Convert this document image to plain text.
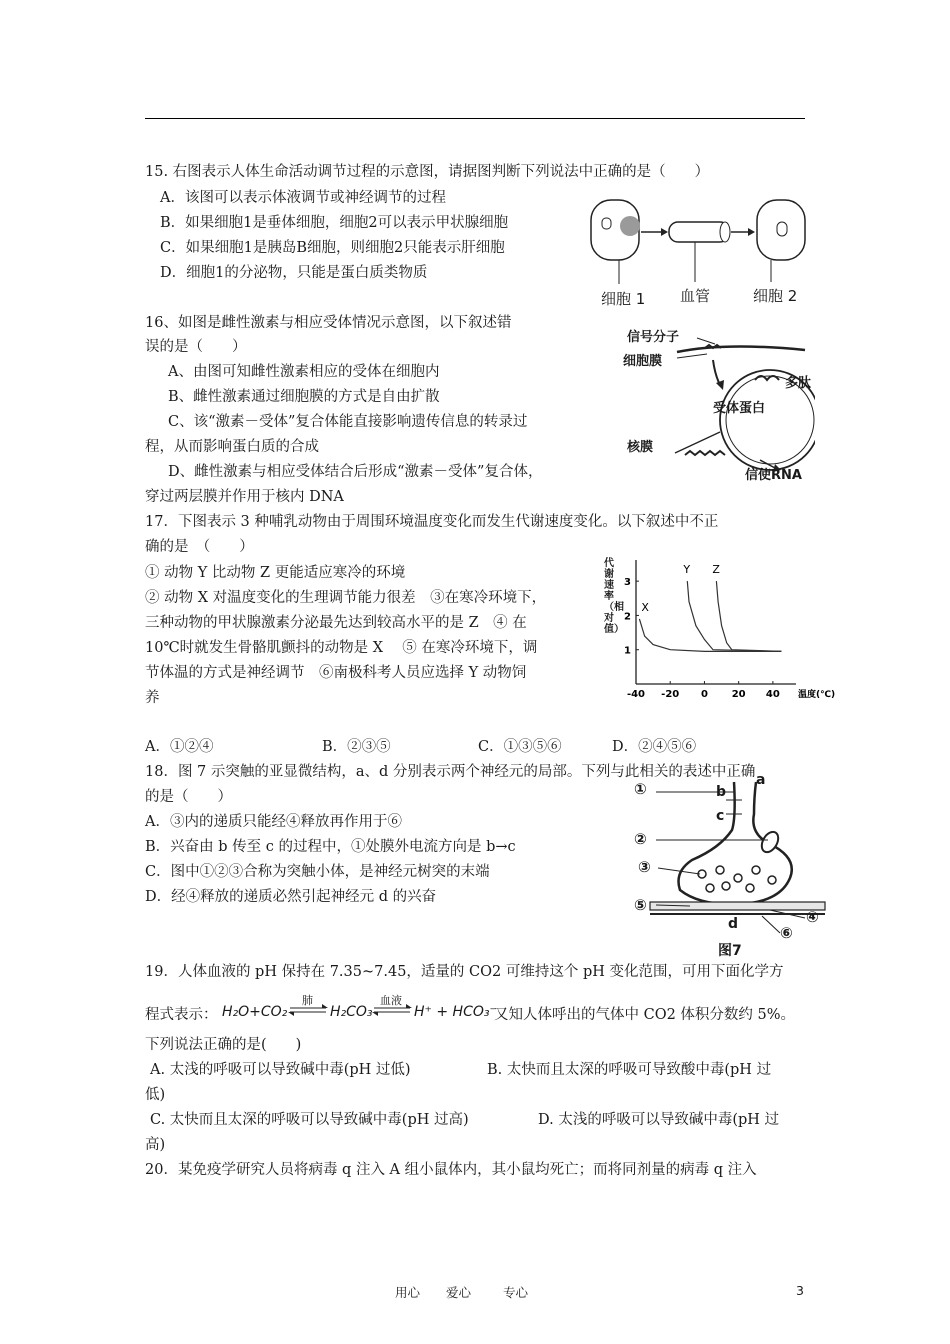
15. 右图表示人体生命活动调节过程的示意图，请据图判断下列说法中正确的是（　　）
A．该图可以表示体液调节或神经调节的过程
B．如果细胞1是垂体细胞，细胞2可以表示甲状腺细胞
C．如果细胞1是胰岛B细胞，则细胞2只能表示肝细胞
D．细胞1的分泌物，只能是蛋白质类物质
细胞 1 血管	细胞 2
16、如图是雌性激素与相应受体情况示意图，以下叙述错
误的是（　　）
A、由图可知雌性激素相应的受体在细胞内
B、雌性激素通过细胞膜的方式是自由扩散
C、该“激素－受体”复合体能直接影响遗传信息的转录过
程，从而影响蛋白质的合成
D、雌性激素与相应受体结合后形成“激素－受体”复合体，
穿过两层膜并作用于核内 DNA
信号分子
细胞膜
多肽
受体蛋白
核膜
信使RNA
17．下图表示 3 种哺乳动物由于周围环境温度变化而发生代谢速度变化。以下叙述中不正
确的是　（　　）
① 动物 Y 比动物 Z 更能适应寒冷的环境
② 动物 X 对温度变化的生理调节能力很差　③在寒冷环境下，
三种动物的甲状腺激素分泌最先达到较高水平的是 Z　④ 在
10℃时就发生骨骼肌颤抖的动物是 X　 ⑤ 在寒冷环境下，调
节体温的方式是神经调节　⑥南极科考人员应选择 Y 动物饲
养
A．①②④	B．②③⑤	C．①③⑤⑥	D．②④⑤⑥
代谢速率（相对值）
-40 -20 0 20 40
1
2
3
温度(℃)
X
Y Z
18．图 7 示突触的亚显微结构，a、d 分别表示两个神经元的局部。下列与此相关的表述中正确
的是（　　）
A．③内的递质只能经④释放再作用于⑥
B．兴奋由 b 传至 c 的过程中，①处膜外电流方向是 b→c
C．图中①②③合称为突触小体，是神经元树突的末端
D．经④释放的递质必然引起神经元 d 的兴奋
①	b
a
c
②
③
⑤
④
d	⑥
图7
19．人体血液的 pH 保持在 7.35~7.45，适量的 CO2 可维持这个 pH 变化范围，可用下面化学方
程式表示： H₂O+CO₂
肺
H₂CO₃
血液
H⁺ + HCO₃⁻
又知人体呼出的气体中 CO2 体积分数约 5%。
下列说法正确的是(　　)
A. 太浅的呼吸可以导致碱中毒(pH 过低)	B. 太快而且太深的呼吸可导致酸中毒(pH 过
低)
C. 太快而且太深的呼吸可以导致碱中毒(pH 过高)	D. 太浅的呼吸可以导致碱中毒(pH 过
高)
20．某免疫学研究人员将病毒 q 注入 A 组小鼠体内，其小鼠均死亡；而将同剂量的病毒 q 注入
用心 爱心	专心	3
